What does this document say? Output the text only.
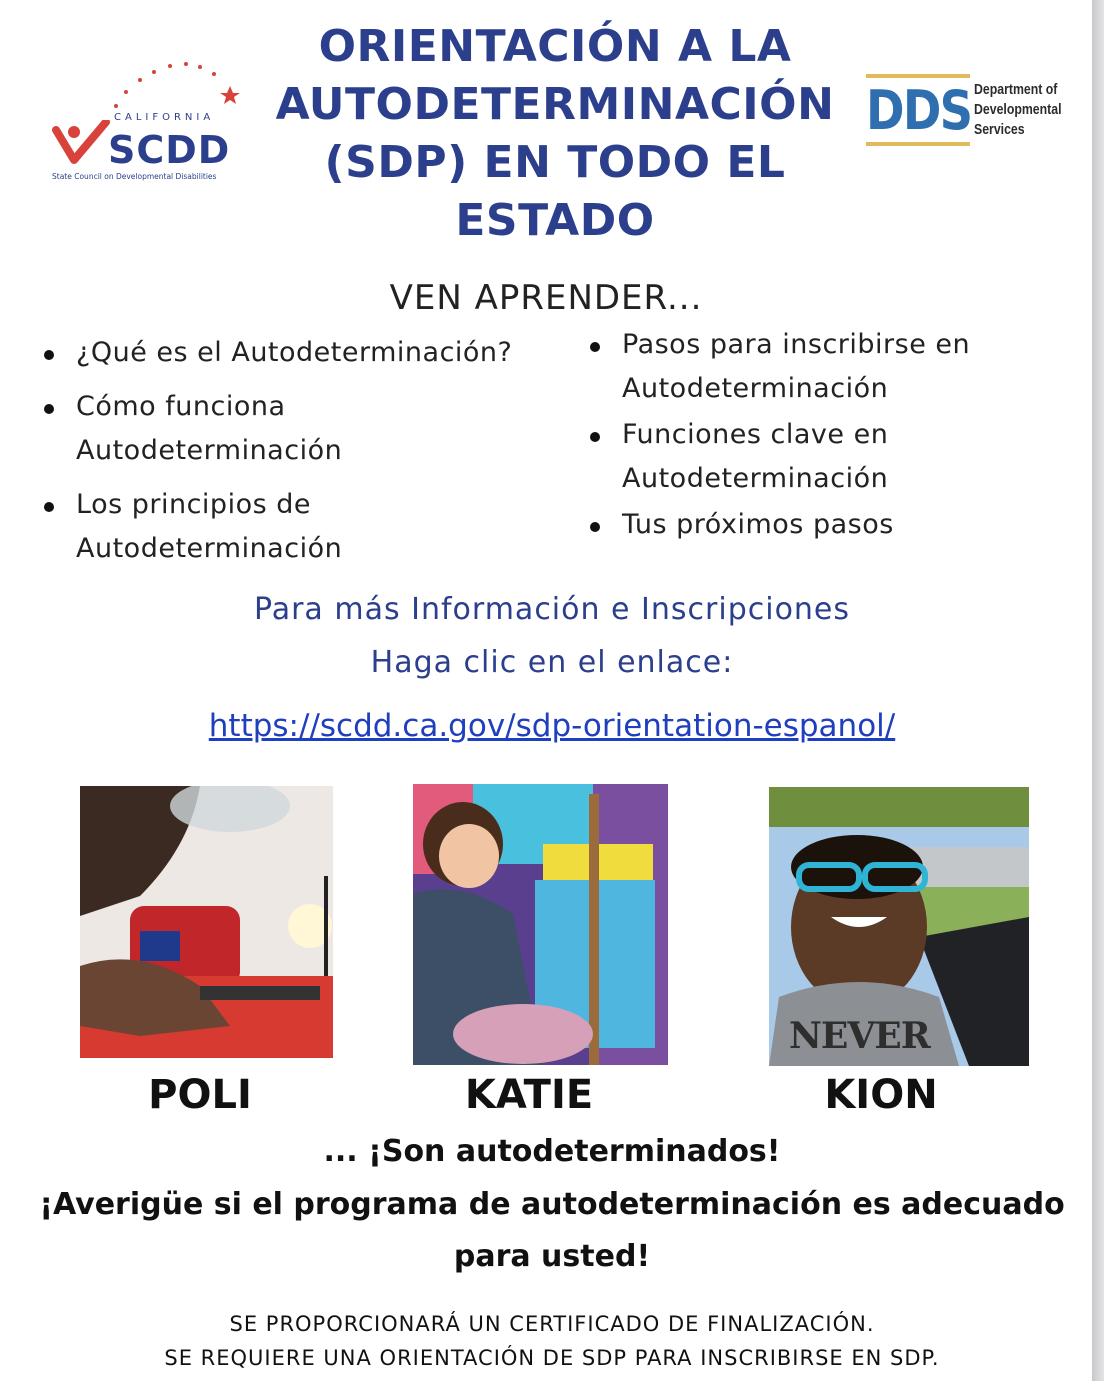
CALIFORNIA
SCDD
State Council on Developmental Disabilities
ORIENTACIÓN A LA
AUTODETERMINACIÓN
(SDP) EN TODO EL
ESTADO
DDS Department of
Developmental
Services
VEN APRENDER...
¿Qué es el Autodeterminación?
Cómo funciona
Autodeterminación
Los principios de
Autodeterminación
Pasos para inscribirse en
Autodeterminación
Funciones clave en
Autodeterminación
Tus próximos pasos
Para más Información e Inscripciones
Haga clic en el enlace:
https://scdd.ca.gov/sdp-orientation-espanol/
NEVER
POLI	KATIE	KION
... ¡Son autodeterminados!
¡Averigüe si el programa de autodeterminación es adecuado
para usted!
SE PROPORCIONARÁ UN CERTIFICADO DE FINALIZACIÓN.
SE REQUIERE UNA ORIENTACIÓN DE SDP PARA INSCRIBIRSE EN SDP.
